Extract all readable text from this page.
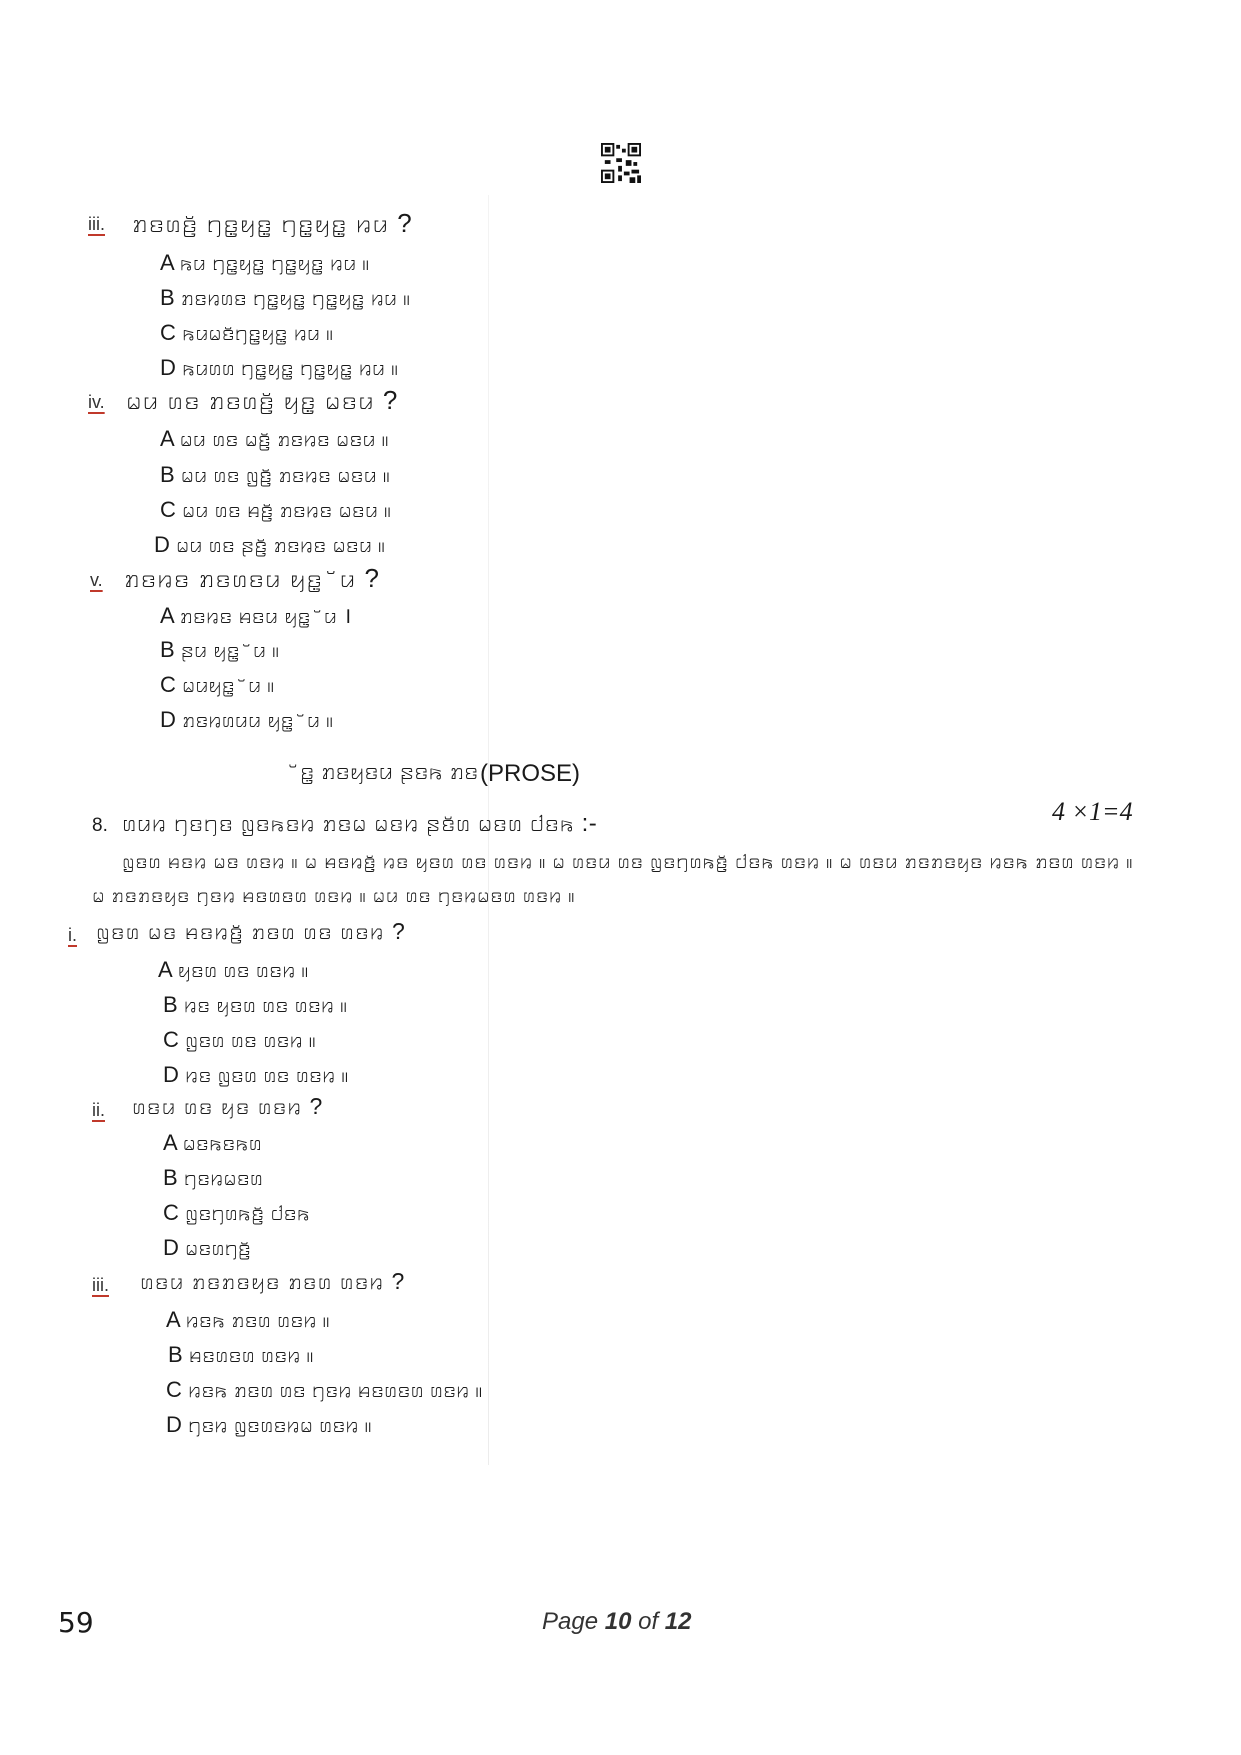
iii. ꤊꤢꤛꤢꤩ꤬ ꤚꤢ꤭ꤟꤢ꤭ ꤚꤢ꤭ꤟꤢ꤭ ꤙꤣ ?
A ꤒꤣ ꤚꤢ꤭ꤟꤢ꤭ ꤚꤢ꤭ꤟꤢ꤭ ꤙꤣ ။
B ꤊꤢꤙꤛꤢ ꤚꤢ꤭ꤟꤢ꤭ ꤚꤢ꤭ꤟꤢ꤭ ꤙꤣ ။
C ꤒꤣꤗꤢꤩꤚꤢ꤭ꤟꤢ꤭ ꤙꤣ ။
D ꤒꤣꤛꤛ ꤚꤢ꤭ꤟꤢ꤭ ꤚꤢ꤭ꤟꤢ꤭ ꤙꤣ ။
iv. ꤗꤣ ꤛꤢ ꤊꤢꤛꤢꤩ꤬ ꤟꤢ꤭ ꤗꤢꤣ ?
A ꤗꤣ ꤛꤢ ꤗꤢꤩ꤬ ꤊꤢꤙꤢ ꤗꤢꤣ ။
B ꤗꤣ ꤛꤢ ꤜꤢꤩ꤬ ꤊꤢꤙꤢ ꤗꤢꤣ ။
C ꤗꤣ ꤛꤢ ꤌꤢꤩ꤬ ꤊꤢꤙꤢ ꤗꤢꤣ ။
D ꤗꤣ ꤛꤢ ꤔꤢꤩ꤬ ꤊꤢꤙꤢ ꤗꤢꤣ ။
v. ꤊꤢꤙꤢ ꤊꤢꤛꤢꤣ ꤟꤢ꤭ ꤩꤣ ?
A ꤊꤢꤙꤢ ꤌꤢꤣ ꤟꤢ꤭ ꤩꤣ ।
B ꤔꤣ ꤟꤢ꤭ ꤩꤣ ။
C ꤗꤣꤟꤢ꤭ ꤩꤣ ။
D ꤊꤢꤙꤛꤣꤣ ꤟꤢ꤭ ꤩꤣ ။
ꤩꤢ꤭ ꤊꤢꤟꤢꤣ ꤔꤢꤒ ꤊꤢ (PROSE)
8. ꤛꤣꤙ ꤚꤢꤚꤢ ꤜꤢꤒꤢꤙ ꤊꤢꤗ ꤗꤢꤙ ꤔꤢꤩꤛ ꤗꤢꤛ ꤓꤢꤒ :-	4 ×1=4
ꤜꤢꤛ ꤌꤢꤙ ꤗꤢ ꤛꤢꤙ ။ ꤗ ꤌꤢꤙꤢꤩ꤬ ꤙꤢ ꤟꤢꤛ ꤛꤢ ꤛꤢꤙ ။ ꤗ ꤛꤢꤣ ꤛꤢ ꤜꤢꤚꤛꤒꤢꤩ꤬ ꤓꤢꤒ ꤛꤢꤙ ။ ꤗ ꤛꤢꤣ ꤊꤢꤊꤢꤟꤢ ꤙꤢꤒ ꤊꤢꤛ ꤛꤢꤙ ။
ꤗ ꤊꤢꤊꤢꤟꤢ ꤚꤢꤙ ꤌꤢꤛꤢꤛ ꤛꤢꤙ ။ ꤗꤣ ꤛꤢ ꤚꤢꤙꤗꤢꤛ ꤛꤢꤙ ။
i. ꤜꤢꤛ ꤗꤢ ꤌꤢꤙꤢꤩ꤬ ꤊꤢꤛ ꤛꤢ ꤛꤢꤙ ?
A ꤟꤢꤛ ꤛꤢ ꤛꤢꤙ ။
B ꤙꤢ ꤟꤢꤛ ꤛꤢ ꤛꤢꤙ ။
C ꤜꤢꤛ ꤛꤢ ꤛꤢꤙ ။
D ꤙꤢ ꤜꤢꤛ ꤛꤢ ꤛꤢꤙ ။
ii. ꤛꤢꤣ ꤛꤢ ꤟꤢ ꤛꤢꤙ ?
A ꤗꤢꤒꤢꤒꤛ
B ꤚꤢꤙꤗꤢꤛ
C ꤜꤢꤚꤛꤒꤢꤩ꤬ ꤓꤢꤒ
D ꤗꤢꤛꤚꤢꤩ꤬
iii. ꤛꤢꤣ ꤊꤢꤊꤢꤟꤢ ꤊꤢꤛ ꤛꤢꤙ ?
A ꤙꤢꤒ ꤊꤢꤛ ꤛꤢꤙ ။
B ꤌꤢꤛꤢꤛ ꤛꤢꤙ ။
C ꤙꤢꤒ ꤊꤢꤛ ꤛꤢ ꤚꤢꤙ ꤌꤢꤛꤢꤛ ꤛꤢꤙ ။
D ꤚꤢꤙ ꤜꤢꤛꤢꤙꤗ ꤛꤢꤙ ။
59	Page 10 of 12
